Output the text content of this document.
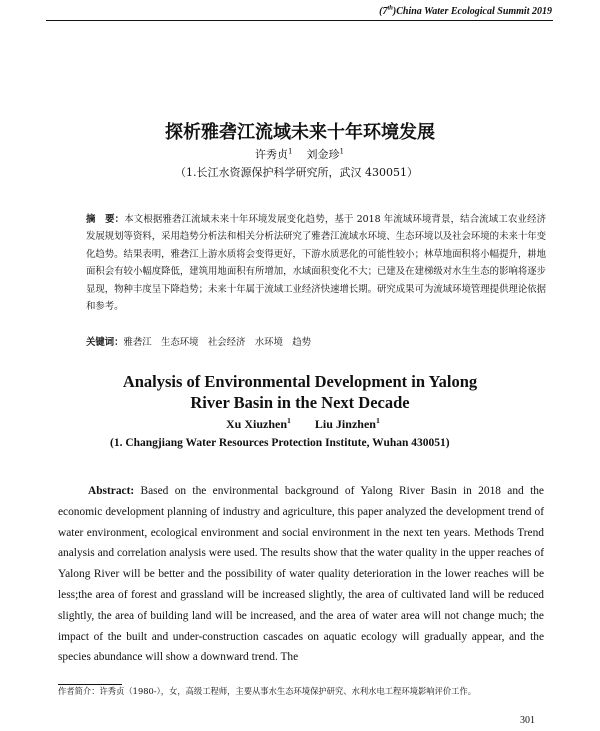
(7th)China Water Ecological Summit 2019
探析雅砻江流域未来十年环境发展
许秀贞$^1$ 刘金珍$^1$
（1.长江水资源保护科学研究所，武汉 430051）
摘　要：本文根据雅砻江流域未来十年环境发展变化趋势，基于 2018 年流域环境背景，结合流域工农业经济发展规划等资料，采用趋势分析法和相关分析法研究了雅砻江流域水环境、生态环境以及社会环境的未来十年变化趋势。结果表明，雅砻江上游水质将会变得更好，下游水质恶化的可能性较小；林草地面积将小幅提升，耕地面积会有较小幅度降低，建筑用地面积有所增加，水域面积变化不大；已建及在建梯级对水生生态的影响将逐步显现，物种丰度呈下降趋势；未来十年属于流域工业经济快速增长期。研究成果可为流域环境管理提供理论依据和参考。
关键词：雅砻江　生态环境　社会经济　水环境　趋势
Analysis of Environmental Development in Yalong
River Basin in the Next Decade
Xu Xiuzhen$^1$ Liu Jinzhen$^1$
(1. Changjiang Water Resources Protection Institute, Wuhan 430051)
Abstract: Based on the environmental background of Yalong River Basin in 2018 and the economic development planning of industry and agriculture, this paper analyzed the development trend of water environment, ecological environment and social environment in the next ten years. Methods Trend analysis and correlation analysis were used. The results show that the water quality in the upper reaches of Yalong River will be better and the possibility of water quality deterioration in the lower reaches will be less;the area of forest and grassland will be increased slightly, the area of cultivated land will be reduced slightly, the area of building land will be increased, and the area of water area will not change much; the impact of the built and under-construction cascades on aquatic ecology will gradually appear, and the species abundance will show a downward trend. The
作者简介：许秀贞（1980-），女，高级工程师，主要从事水生态环境保护研究、水利水电工程环境影响评价工作。
301
